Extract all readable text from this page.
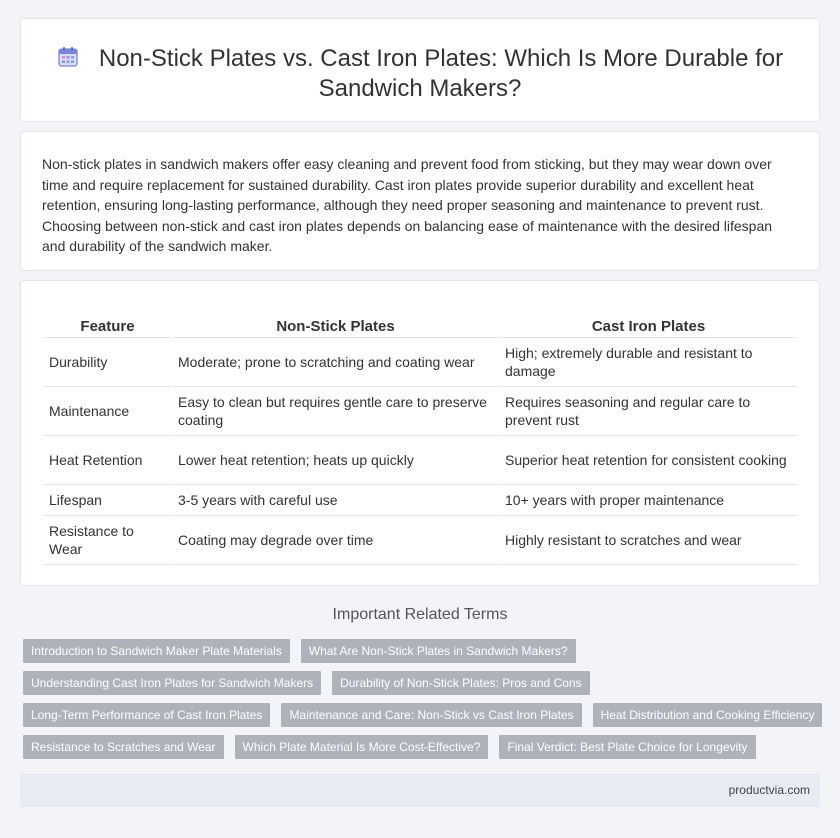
Non-Stick Plates vs. Cast Iron Plates: Which Is More Durable for Sandwich Makers?

Non-stick plates in sandwich makers offer easy cleaning and prevent food from sticking, but they may wear down over time and require replacement for sustained durability. Cast iron plates provide superior durability and excellent heat retention, ensuring long-lasting performance, although they need proper seasoning and maintenance to prevent rust. Choosing between non-stick and cast iron plates depends on balancing ease of maintenance with the desired lifespan and durability of the sandwich maker.

Feature	Non-Stick Plates	Cast Iron Plates
Durability	Moderate; prone to scratching and coating wear	High; extremely durable and resistant to damage
Maintenance	Easy to clean but requires gentle care to preserve coating	Requires seasoning and regular care to prevent rust
Heat Retention	Lower heat retention; heats up quickly	Superior heat retention for consistent cooking
Lifespan	3-5 years with careful use	10+ years with proper maintenance
Resistance to Wear	Coating may degrade over time	Highly resistant to scratches and wear
Important Related Terms
Introduction to Sandwich Maker Plate Materials What Are Non-Stick Plates in Sandwich Makers?
Understanding Cast Iron Plates for Sandwich Makers Durability of Non-Stick Plates: Pros and Cons
Long-Term Performance of Cast Iron Plates Maintenance and Care: Non-Stick vs Cast Iron Plates Heat Distribution and Cooking Efficiency
Resistance to Scratches and Wear Which Plate Material Is More Cost-Effective? Final Verdict: Best Plate Choice for Longevity
productvia.com
